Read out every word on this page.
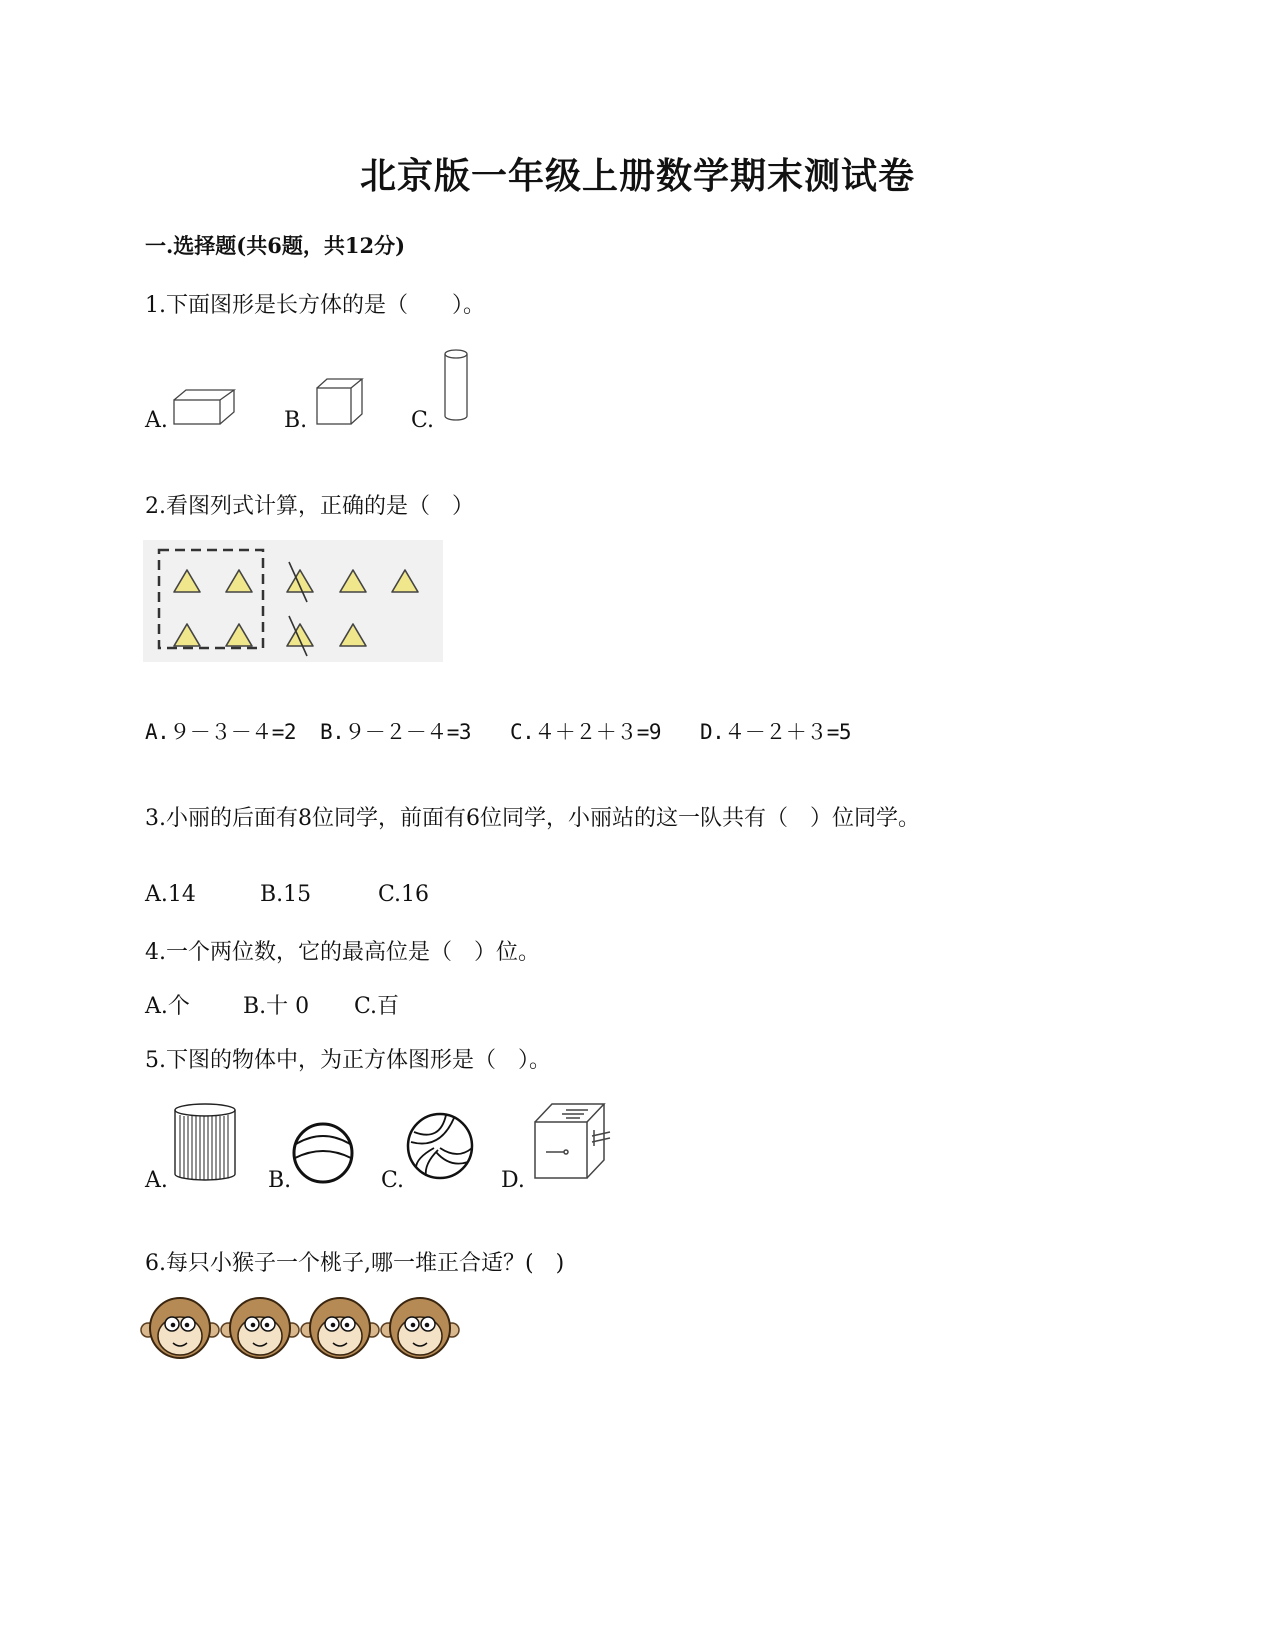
北京版一年级上册数学期末测试卷
一.选择题(共6题，共12分)
1.下面图形是长方体的是（　　）。
A.	B.	C.
2.看图列式计算，正确的是（　）
A.９－３－４=2 B.９－２－４=3 C.４＋２＋３=9 D.４－２＋３=5
3.小丽的后面有8位同学，前面有6位同学，小丽站的这一队共有（　）位同学。
A.14	B.15	C.16
4.一个两位数，它的最高位是（　）位。
A.个 B.十 0 C.百
5.下图的物体中，为正方体图形是（　）。
A.	B.	C.	D.
6.每只小猴子一个桃子,哪一堆正合适？(　)
